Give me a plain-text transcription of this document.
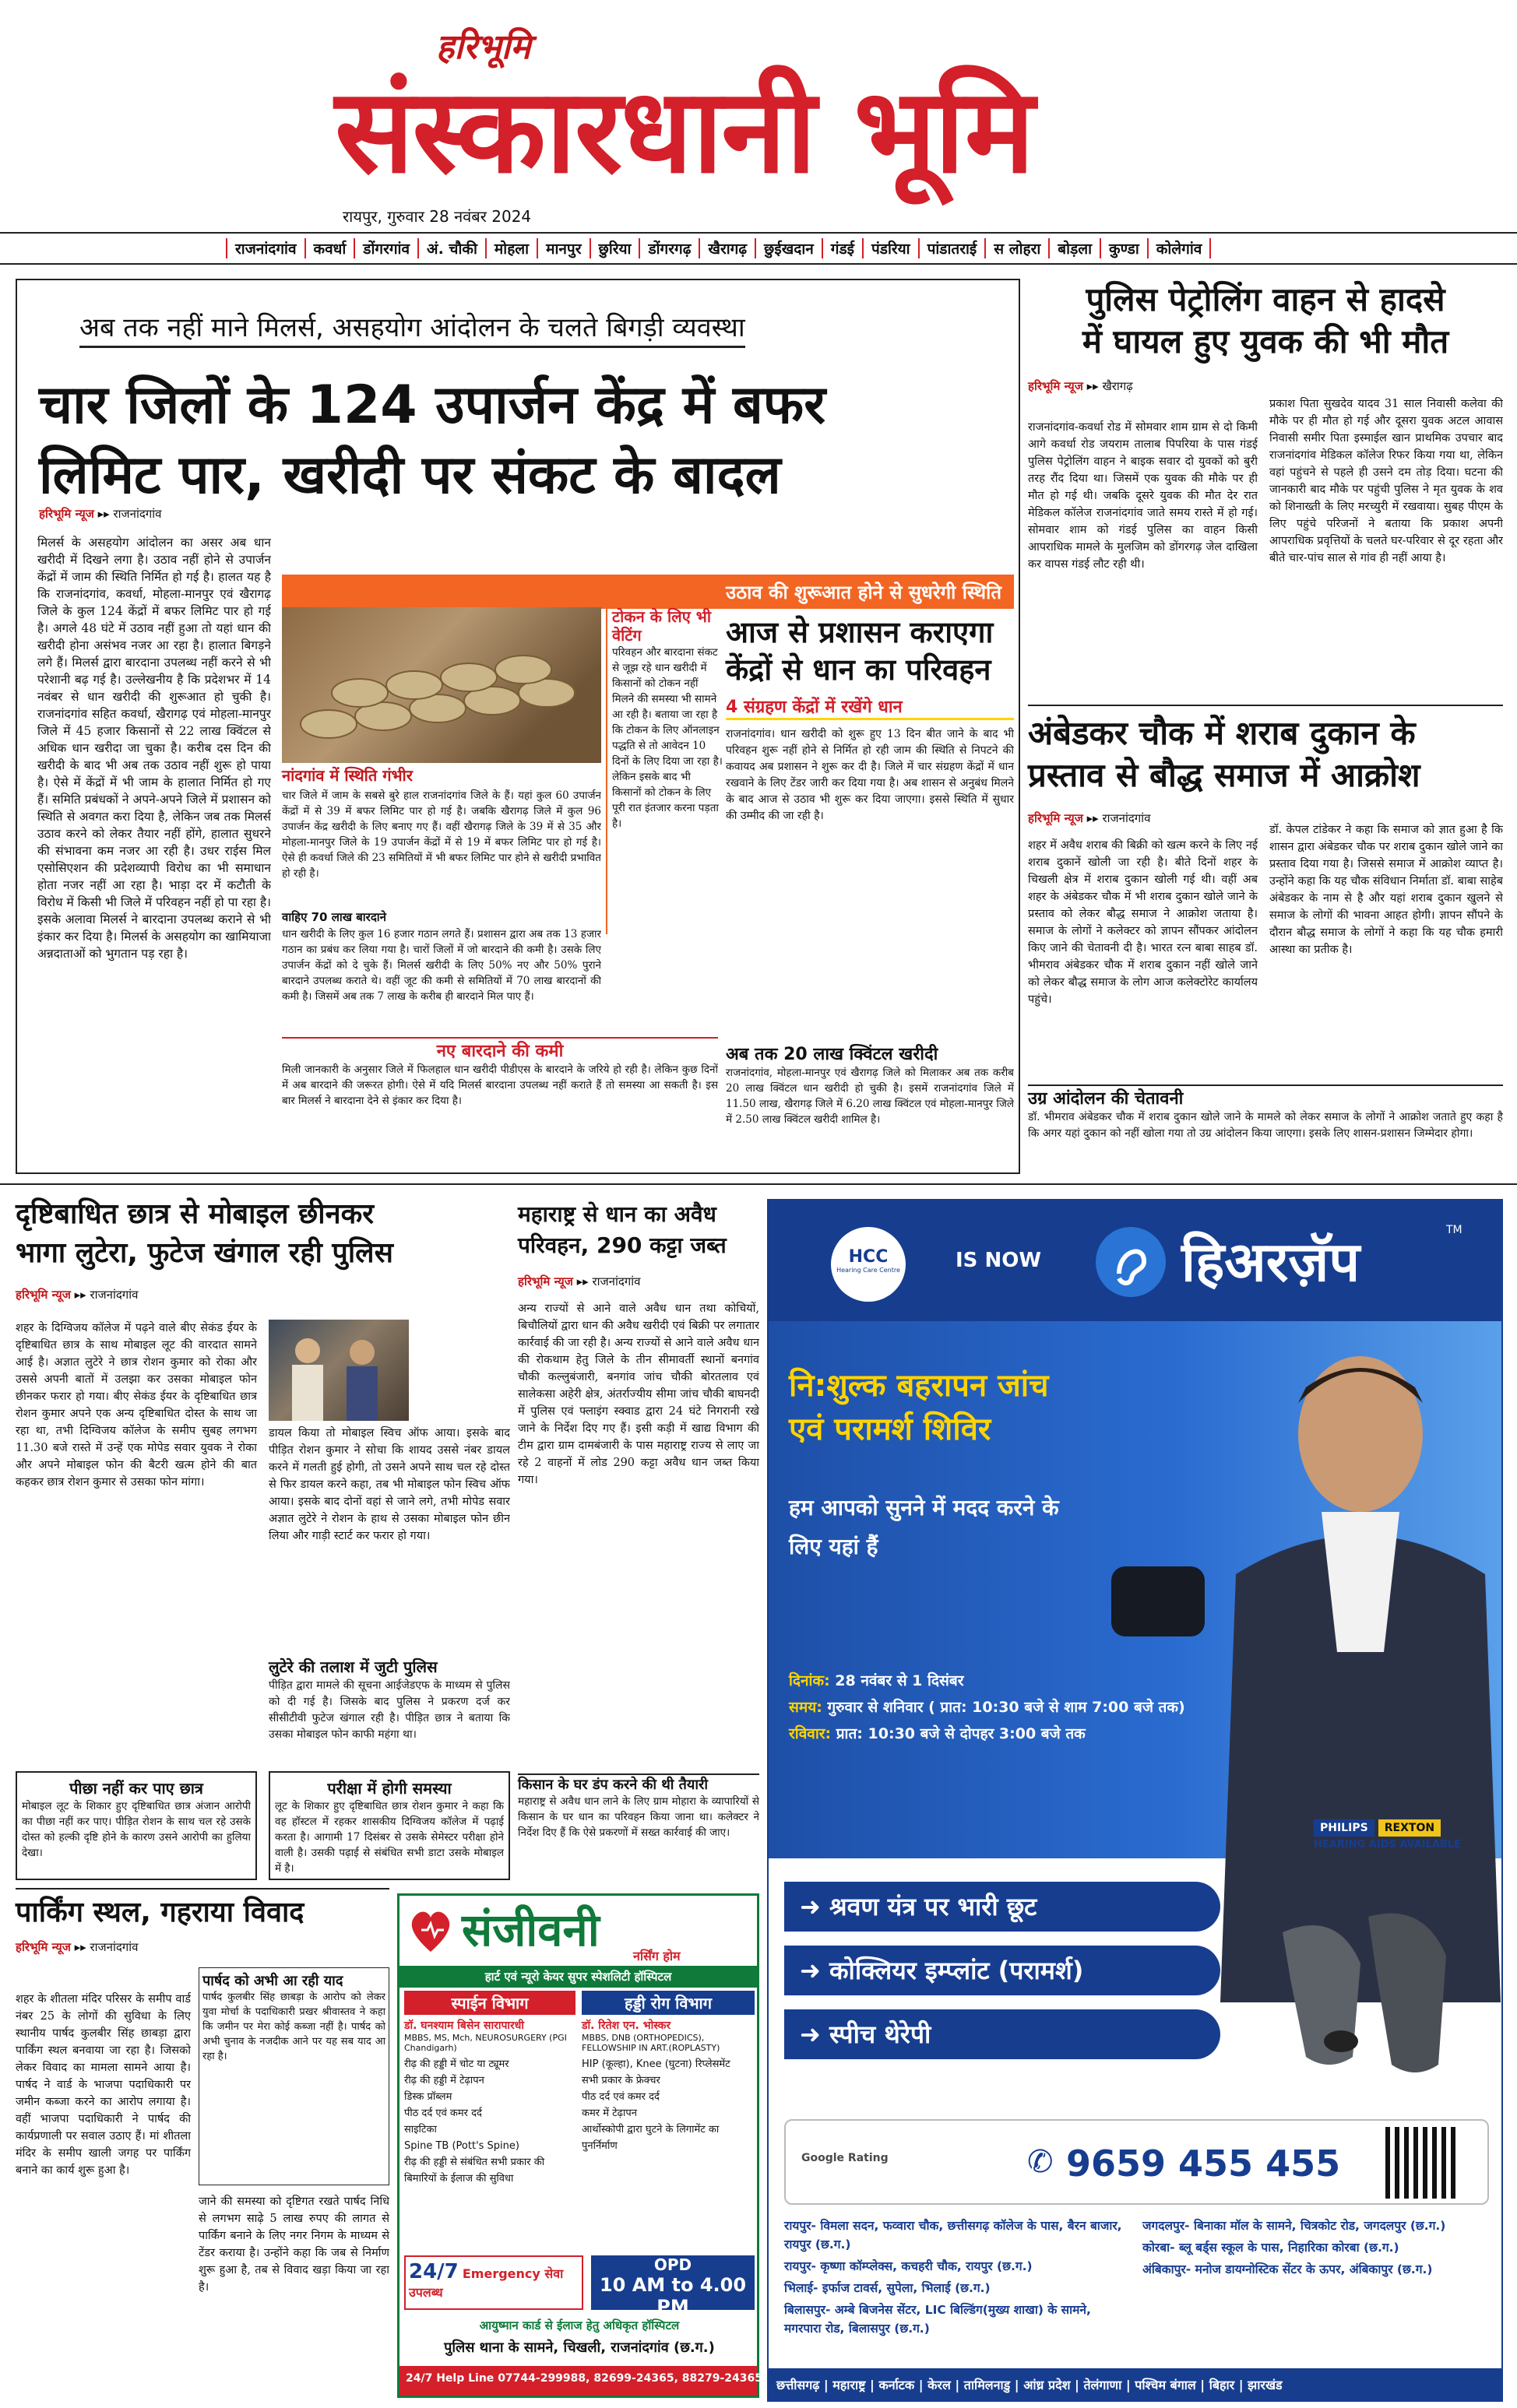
हरिभूमि
संस्कारधानी भूमि
रायपुर, गुरुवार 28 नवंबर 2024
राजनांदगांव कवर्धा डोंगरगांव अं. चौकी मोहला मानपुर छुरिया डोंगरगढ़ खैरागढ़ छुईखदान गंडई पंडरिया पांडातराई स लोहरा बोड़ला कुण्डा कोलेगांव
अब तक नहीं माने मिलर्स, असहयोग आंदोलन के चलते बिगड़ी व्यवस्था
चार जिलों के 124 उपार्जन केंद्र में बफर
लिमिट पार, खरीदी पर संकट के बादल
हरिभूमि न्यूज ▸▸ राजनांदगांव
उठाव की शुरूआत होने से सुधरेगी स्थिति
मिलर्स के असहयोग आंदोलन का असर अब धान खरीदी में दिखने लगा है। उठाव नहीं होने से उपार्जन केंद्रों में जाम की स्थिति निर्मित हो गई है। हालत यह है कि राजनांदगांव, कवर्धा, मोहला-मानपुर एवं खैरागढ़ जिले के कुल 124 केंद्रों में बफर लिमिट पार हो गई है। अगले 48 घंटे में उठाव नहीं हुआ तो यहां धान की खरीदी होना असंभव नजर आ रहा है। हालात बिगड़ने लगे हैं। मिलर्स द्वारा बारदाना उपलब्ध नहीं करने से भी परेशानी बढ़ गई है। उल्लेखनीय है कि प्रदेशभर में 14 नवंबर से धान खरीदी की शुरूआत हो चुकी है। राजनांदगांव सहित कवर्धा, खैरागढ़ एवं मोहला-मानपुर जिले में 45 हजार किसानों से 22 लाख क्विंटल से अधिक धान खरीदा जा चुका है। करीब दस दिन की खरीदी के बाद भी अब तक उठाव नहीं शुरू हो पाया है। ऐसे में केंद्रों में भी जाम के हालात निर्मित हो गए हैं। समिति प्रबंधकों ने अपने-अपने जिले में प्रशासन को स्थिति से अवगत करा दिया है, लेकिन जब तक मिलर्स उठाव करने को लेकर तैयार नहीं होंगे, हालात सुधरने की संभावना कम नजर आ रही है। उधर राईस मिल एसोसिएशन की प्रदेशव्यापी विरोध का भी समाधान होता नजर नहीं आ रहा है। भाड़ा दर में कटौती के विरोध में किसी भी जिले में परिवहन नहीं हो पा रहा है। इसके अलावा मिलर्स ने बारदाना उपलब्ध कराने से भी इंकार कर दिया है। मिलर्स के असहयोग का खामियाजा अन्नदाताओं को भुगतान पड़ रहा है।
नांदगांव में स्थिति गंभीर
चार जिले में जाम के सबसे बुरे हाल राजनांदगांव जिले के हैं। यहां कुल 60 उपार्जन केंद्रों में से 39 में बफर लिमिट पार हो गई है। जबकि खैरागढ़ जिले में कुल 96 उपार्जन केंद्र खरीदी के लिए बनाए गए हैं। वहीं खैरागढ़ जिले के 39 में से 35 और मोहला-मानपुर जिले के 19 उपार्जन केंद्रों में से 19 में बफर लिमिट पार हो गई है। ऐसे ही कवर्धा जिले की 23 समितियों में भी बफर लिमिट पार होने से खरीदी प्रभावित हो रही है।
वाहिए 70 लाख बारदाने
धान खरीदी के लिए कुल 16 हजार गठान लगते हैं। प्रशासन द्वारा अब तक 13 हजार गठान का प्रबंध कर लिया गया है। चारों जिलों में जो बारदाने की कमी है। उसके लिए उपार्जन केंद्रों को दे चुके हैं। मिलर्स खरीदी के लिए 50% नए और 50% पुराने बारदाने उपलब्ध कराते थे। वहीं जूट की कमी से समितियों में 70 लाख बारदानों की कमी है। जिसमें अब तक 7 लाख के करीब ही बारदाने मिल पाए हैं।
टोकन के लिए भी वेटिंग
परिवहन और बारदाना संकट से जूझ रहे धान खरीदी में किसानों को टोकन नहीं मिलने की समस्या भी सामने आ रही है। बताया जा रहा है कि टोकन के लिए ऑनलाइन पद्धति से तो आवेदन 10 दिनों के लिए दिया जा रहा है। लेकिन इसके बाद भी किसानों को टोकन के लिए पूरी रात इंतजार करना पड़ता है।
आज से प्रशासन कराएगा
केंद्रों से धान का परिवहन
4 संग्रहण केंद्रों में रखेंगे धान
राजनांदगांव। धान खरीदी को शुरू हुए 13 दिन बीत जाने के बाद भी परिवहन शुरू नहीं होने से निर्मित हो रही जाम की स्थिति से निपटने की कवायद अब प्रशासन ने शुरू कर दी है। जिले में चार संग्रहण केंद्रों में धान रखवाने के लिए टेंडर जारी कर दिया गया है। अब शासन से अनुबंध मिलने के बाद आज से उठाव भी शुरू कर दिया जाएगा। इससे स्थिति में सुधार की उम्मीद की जा रही है।
नए बारदाने की कमी
मिली जानकारी के अनुसार जिले में फिलहाल धान खरीदी पीडीएस के बारदाने के जरिये हो रही है। लेकिन कुछ दिनों में अब बारदाने की जरूरत होगी। ऐसे में यदि मिलर्स बारदाना उपलब्ध नहीं कराते हैं तो समस्या आ सकती है। इस बार मिलर्स ने बारदाना देने से इंकार कर दिया है।
अब तक 20 लाख क्विंटल खरीदी
राजनांदगांव, मोहला-मानपुर एवं खैरागढ़ जिले को मिलाकर अब तक करीब 20 लाख क्विंटल धान खरीदी हो चुकी है। इसमें राजनांदगांव जिले में 11.50 लाख, खैरागढ़ जिले में 6.20 लाख क्विंटल एवं मोहला-मानपुर जिले में 2.50 लाख क्विंटल खरीदी शामिल है।
पुलिस पेट्रोलिंग वाहन से हादसे
में घायल हुए युवक की भी मौत
हरिभूमि न्यूज ▸▸ खैरागढ़
राजनांदगांव-कवर्धा रोड में सोमवार शाम ग्राम से दो किमी आगे कवर्धा रोड जयराम तालाब पिपरिया के पास गंडई पुलिस पेट्रोलिंग वाहन ने बाइक सवार दो युवकों को बुरी तरह रौंद दिया था। जिसमें एक युवक की मौके पर ही मौत हो गई थी। जबकि दूसरे युवक की मौत देर रात मेडिकल कॉलेज राजनांदगांव जाते समय रास्ते में हो गई। सोमवार शाम को गंडई पुलिस का वाहन किसी आपराधिक मामले के मुलजिम को डोंगरगढ़ जेल दाखिला कर वापस गंडई लौट रही थी।
प्रकाश पिता सुखदेव यादव 31 साल निवासी कलेवा की मौके पर ही मौत हो गई और दूसरा युवक अटल आवास निवासी समीर पिता इस्माईल खान प्राथमिक उपचार बाद राजनांदगांव मेडिकल कॉलेज रिफर किया गया था, लेकिन वहां पहुंचने से पहले ही उसने दम तोड़ दिया। घटना की जानकारी बाद मौके पर पहुंची पुलिस ने मृत युवक के शव को शिनाख्ती के लिए मरच्युरी में रखवाया। सुबह पीएम के लिए पहुंचे परिजनों ने बताया कि प्रकाश अपनी आपराधिक प्रवृत्तियों के चलते घर-परिवार से दूर रहता और बीते चार-पांच साल से गांव ही नहीं आया है।
अंबेडकर चौक में शराब दुकान के
प्रस्ताव से बौद्ध समाज में आक्रोश
हरिभूमि न्यूज ▸▸ राजनांदगांव
शहर में अवैध शराब की बिक्री को खत्म करने के लिए नई शराब दुकानें खोली जा रही है। बीते दिनों शहर के चिखली क्षेत्र में शराब दुकान खोली गई थी। वहीं अब शहर के अंबेडकर चौक में भी शराब दुकान खोले जाने के प्रस्ताव को लेकर बौद्ध समाज ने आक्रोश जताया है। समाज के लोगों ने कलेक्टर को ज्ञापन सौंपकर आंदोलन किए जाने की चेतावनी दी है। भारत रत्न बाबा साहब डॉ. भीमराव अंबेडकर चौक में शराब दुकान नहीं खोले जाने को लेकर बौद्ध समाज के लोग आज कलेक्टोरेट कार्यालय पहुंचे।
डॉ. केपल टांडेकर ने कहा कि समाज को ज्ञात हुआ है कि शासन द्वारा अंबेडकर चौक पर शराब दुकान खोले जाने का प्रस्ताव दिया गया है। जिससे समाज में आक्रोश व्याप्त है। उन्होंने कहा कि यह चौक संविधान निर्माता डॉ. बाबा साहेब अंबेडकर के नाम से है और यहां शराब दुकान खुलने से समाज के लोगों की भावना आहत होगी। ज्ञापन सौंपने के दौरान बौद्ध समाज के लोगों ने कहा कि यह चौक हमारी आस्था का प्रतीक है।
उग्र आंदोलन की चेतावनी
डॉ. भीमराव अंबेडकर चौक में शराब दुकान खोले जाने के मामले को लेकर समाज के लोगों ने आक्रोश जताते हुए कहा है कि अगर यहां दुकान को नहीं खोला गया तो उग्र आंदोलन किया जाएगा। इसके लिए शासन-प्रशासन जिम्मेदार होगा।
दृष्टिबाधित छात्र से मोबाइल छीनकर
भागा लुटेरा, फुटेज खंगाल रही पुलिस
हरिभूमि न्यूज ▸▸ राजनांदगांव
शहर के दिग्विजय कॉलेज में पढ़ने वाले बीए सेकंड ईयर के दृष्टिबाधित छात्र के साथ मोबाइल लूट की वारदात सामने आई है। अज्ञात लुटेरे ने छात्र रोशन कुमार को रोका और उससे अपनी बातों में उलझा कर उसका मोबाइल फोन छीनकर फरार हो गया। बीए सेकंड ईयर के दृष्टिबाधित छात्र रोशन कुमार अपने एक अन्य दृष्टिबाधित दोस्त के साथ जा रहा था, तभी दिग्विजय कॉलेज के समीप सुबह लगभग 11.30 बजे रास्ते में उन्हें एक मोपेड सवार युवक ने रोका और अपने मोबाइल फोन की बैटरी खत्म होने की बात कहकर छात्र रोशन कुमार से उसका फोन मांगा।
डायल किया तो मोबाइल स्विच ऑफ आया। इसके बाद पीड़ित रोशन कुमार ने सोचा कि शायद उससे नंबर डायल करने में गलती हुई होगी, तो उसने अपने साथ चल रहे दोस्त से फिर डायल करने कहा, तब भी मोबाइल फोन स्विच ऑफ आया। इसके बाद दोनों वहां से जाने लगे, तभी मोपेड सवार अज्ञात लुटेरे ने रोशन के हाथ से उसका मोबाइल फोन छीन लिया और गाड़ी स्टार्ट कर फरार हो गया।
लुटेरे की तलाश में जुटी पुलिस
पीड़ित द्वारा मामले की सूचना आईजेडएफ के माध्यम से पुलिस को दी गई है। जिसके बाद पुलिस ने प्रकरण दर्ज कर सीसीटीवी फुटेज खंगाल रही है। पीड़ित छात्र ने बताया कि उसका मोबाइल फोन काफी महंगा था।
पीछा नहीं कर पाए छात्र
मोबाइल लूट के शिकार हुए दृष्टिबाधित छात्र अंजान आरोपी का पीछा नहीं कर पाए। पीड़ित रोशन के साथ चल रहे उसके दोस्त को हल्की दृष्टि होने के कारण उसने आरोपी का हुलिया देखा।
परीक्षा में होगी समस्या
लूट के शिकार हुए दृष्टिबाधित छात्र रोशन कुमार ने कहा कि वह हॉस्टल में रहकर शासकीय दिग्विजय कॉलेज में पढ़ाई करता है। आगामी 17 दिसंबर से उसके सेमेस्टर परीक्षा होने वाली है। उसकी पढ़ाई से संबंधित सभी डाटा उसके मोबाइल में है।
महाराष्ट्र से धान का अवैध
परिवहन, 290 कट्टा जब्त
हरिभूमि न्यूज ▸▸ राजनांदगांव
अन्य राज्यों से आने वाले अवैध धान तथा कोचियों, बिचौलियों द्वारा धान की अवैध खरीदी एवं बिक्री पर लगातार कार्रवाई की जा रही है। अन्य राज्यों से आने वाले अवैध धान की रोकथाम हेतु जिले के तीन सीमावर्ती स्थानों बनगांव चौकी कल्लुबंजारी, बनगांव जांच चौकी बोरतलाव एवं सालेकसा अहेरी क्षेत्र, अंतर्राज्यीय सीमा जांच चौकी बाघनदी में पुलिस एवं फ्लाइंग स्क्वाड द्वारा 24 घंटे निगरानी रखे जाने के निर्देश दिए गए हैं। इसी कड़ी में खाद्य विभाग की टीम द्वारा ग्राम दामबंजारी के पास महाराष्ट्र राज्य से लाए जा रहे 2 वाहनों में लोड 290 कट्टा अवैध धान जब्त किया गया।
किसान के घर डंप करने की थी तैयारी
महाराष्ट्र से अवैध धान लाने के लिए ग्राम मोहारा के व्यापारियों से किसान के घर धान का परिवहन किया जाना था। कलेक्टर ने निर्देश दिए हैं कि ऐसे प्रकरणों में सख्त कार्रवाई की जाए।
पार्किंग स्थल, गहराया विवाद
हरिभूमि न्यूज ▸▸ राजनांदगांव
शहर के शीतला मंदिर परिसर के समीप वार्ड नंबर 25 के लोगों की सुविधा के लिए स्थानीय पार्षद कुलबीर सिंह छाबड़ा द्वारा पार्किंग स्थल बनवाया जा रहा है। जिसको लेकर विवाद का मामला सामने आया है। पार्षद ने वार्ड के भाजपा पदाधिकारी पर जमीन कब्जा करने का आरोप लगाया है। वहीं भाजपा पदाधिकारी ने पार्षद की कार्यप्रणाली पर सवाल उठाए हैं। मां शीतला मंदिर के समीप खाली जगह पर पार्किंग बनाने का कार्य शुरू हुआ है।
पार्षद को अभी आ रही याद
पार्षद कुलबीर सिंह छाबड़ा के आरोप को लेकर युवा मोर्चा के पदाधिकारी प्रखर श्रीवास्तव ने कहा कि जमीन पर मेरा कोई कब्जा नहीं है। पार्षद को अभी चुनाव के नजदीक आने पर यह सब याद आ रहा है।
जाने की समस्या को दृष्टिगत रखते पार्षद निधि से लगभग साढ़े 5 लाख रुपए की लागत से पार्किंग बनाने के लिए नगर निगम के माध्यम से टेंडर कराया है। उन्होंने कहा कि जब से निर्माण शुरू हुआ है, तब से विवाद खड़ा किया जा रहा है।
संजीवनी	नर्सिंग होम
हार्ट एवं न्यूरो केयर सुपर स्पेशलिटी हॉस्पिटल
स्पाईन विभाग
डॉ. घनश्याम बिसेन सारापारधी
MBBS, MS, Mch, NEUROSURGERY (PGI Chandigarh)
रीढ़ की हड्डी में चोट या ट्यूमर
रीढ़ की हड्डी में टेढ़ापन
डिस्क प्रॉब्लम
पीठ दर्द एवं कमर दर्द
साइटिका
Spine TB (Pott's Spine)
रीढ़ की हड्डी से संबंधित सभी प्रकार की बिमारियों के ईलाज की सुविधा
हड्डी रोग विभाग
डॉ. रितेश एन. भोस्कर
MBBS, DNB (ORTHOPEDICS), FELLOWSHIP IN ART.(ROPLASTY)
HIP (कूल्हा), Knee (घुटना) रिप्लेसमेंट
सभी प्रकार के फ्रेक्चर
पीठ दर्द एवं कमर दर्द
कमर में टेढ़ापन
आर्थोस्कोपी द्वारा घुटने के लिगामेंट का पुनर्निर्माण
24/7 Emergency सेवा उपलब्ध
OPD
10 AM to 4.00 PM
आयुष्मान कार्ड से ईलाज हेतु अधिकृत हॉस्पिटल
पुलिस थाना के सामने, चिखली, राजनांदगांव (छ.ग.)
24/7 Help Line 07744-299988, 82699-24365, 88279-24365
HCC
Hearing Care Centre	IS NOW	हिअरज़ॅप	TM
नि:शुल्क बहरापन जांच
एवं परामर्श शिविर
हम आपको सुनने में मदद करने के
लिए यहां हैं
दिनांक: 28 नवंबर से 1 दिसंबर
समय: गुरुवार से शनिवार ( प्रात: 10:30 बजे से शाम 7:00 बजे तक)
रविवार: प्रात: 10:30 बजे से दोपहर 3:00 बजे तक
PHILIPS REXTON
HEARING AIDS AVAILABLE
➜ श्रवण यंत्र पर भारी छूट
➜ कोक्लियर इम्प्लांट (परामर्श)
➜ स्पीच थेरेपी
Google Rating	✆ 9659 455 455
रायपुर- विमला सदन, फव्वारा चौक, छत्तीसगढ़ कॉलेज के पास, बैरन बाजार, रायपुर (छ.ग.)
रायपुर- कृष्णा कॉम्प्लेक्स, कचहरी चौक, रायपुर (छ.ग.)
भिलाई- इर्फाज टावर्स, सुपेला, भिलाई (छ.ग.)
बिलासपुर- अम्बे बिजनेस सेंटर, LIC बिल्डिंग(मुख्य शाखा) के सामने, मगरपारा रोड, बिलासपुर (छ.ग.)
जगदलपुर- बिनाका मॉल के सामने, चित्रकोट रोड, जगदलपुर (छ.ग.)
कोरबा- ब्लू बर्ड्स स्कूल के पास, निहारिका कोरबा (छ.ग.)
अंबिकापुर- मनोज डायग्नोस्टिक सेंटर के ऊपर, अंबिकापुर (छ.ग.)
छत्तीसगढ़ | महाराष्ट्र | कर्नाटक | केरल | तामिलनाडु | आंध्र प्रदेश | तेलंगाणा | पश्चिम बंगाल | बिहार | झारखंड
